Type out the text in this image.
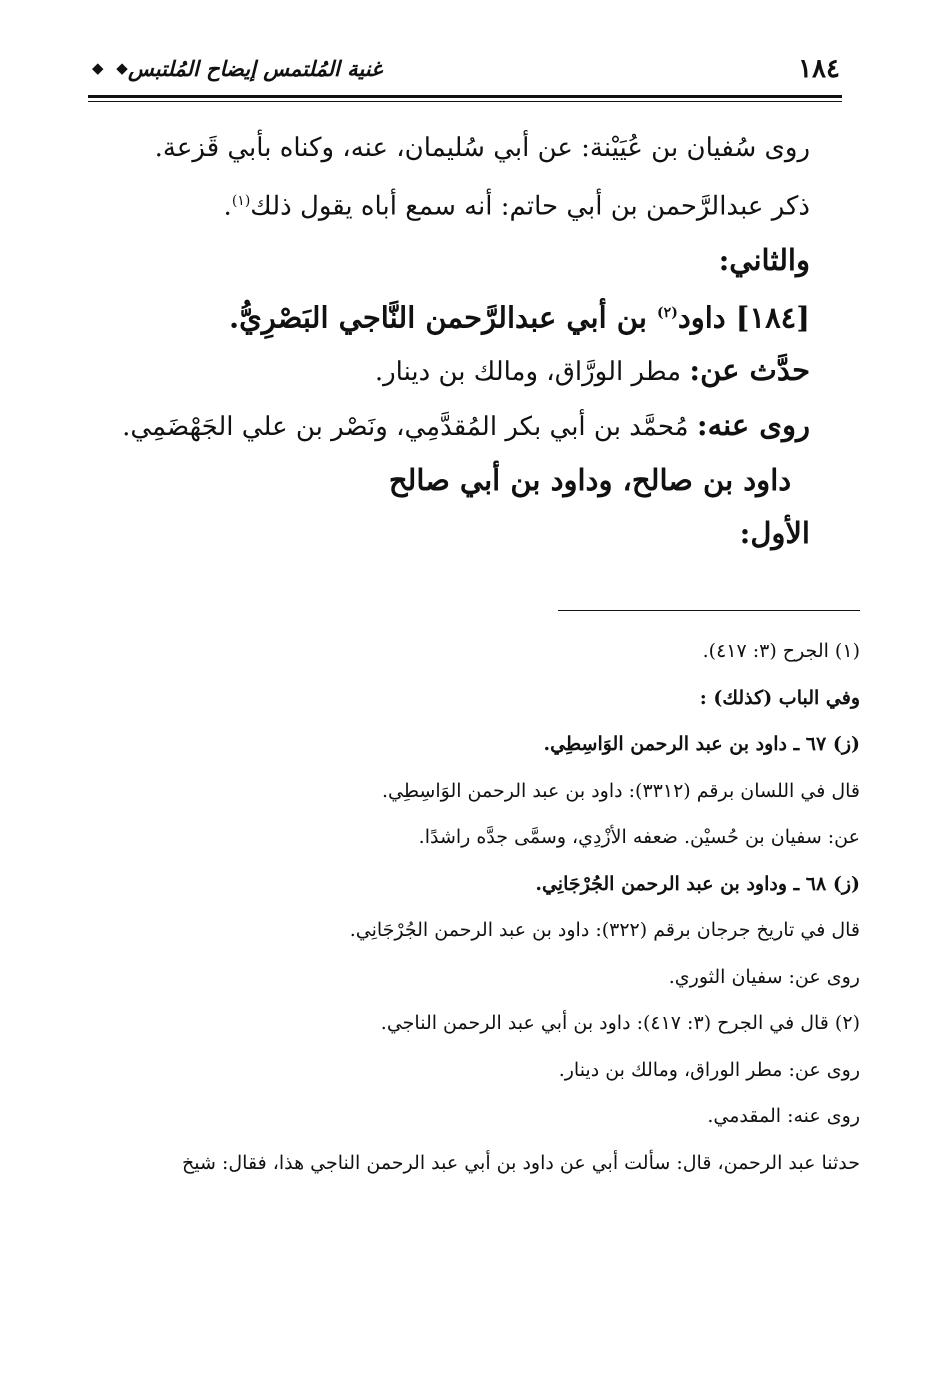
١٨٤
غنية المُلتمس إيضاح المُلتبس
◆ ◆
روى سُفيان بن عُيَيْنة: عن أبي سُليمان، عنه، وكناه بأبي قَزعة.
ذكر عبدالرَّحمن بن أبي حاتم: أنه سمع أباه يقول ذلك$^{(١)}$.
والثاني:
[١٨٤] داود$^{(٢)}$ بن أبي عبدالرَّحمن النَّاجي البَصْرِيُّ.
حدَّث عن: مطر الورَّاق، ومالك بن دينار.
روى عنه: مُحمَّد بن أبي بكر المُقدَّمِي، ونَصْر بن علي الجَهْضَمِي.
داود بن صالح، وداود بن أبي صالح
الأول:
(١) الجرح (٣: ٤١٧).
وفي الباب (كذلك) :
(ز) ٦٧ ـ داود بن عبد الرحمن الوَاسِطِي.
قال في اللسان برقم (٣٣١٢): داود بن عبد الرحمن الوَاسِطِي.
عن: سفيان بن حُسيْن. ضعفه الأزْدِي، وسمَّى جدَّه راشدًا.
(ز) ٦٨ ـ وداود بن عبد الرحمن الجُرْجَانِي.
قال في تاريخ جرجان برقم (٣٢٢): داود بن عبد الرحمن الجُرْجَانِي.
روى عن: سفيان الثوري.
(٢) قال في الجرح (٣: ٤١٧): داود بن أبي عبد الرحمن الناجي.
روى عن: مطر الوراق، ومالك بن دينار.
روى عنه: المقدمي.
حدثنا عبد الرحمن، قال: سألت أبي عن داود بن أبي عبد الرحمن الناجي هذا، فقال: شيخ
